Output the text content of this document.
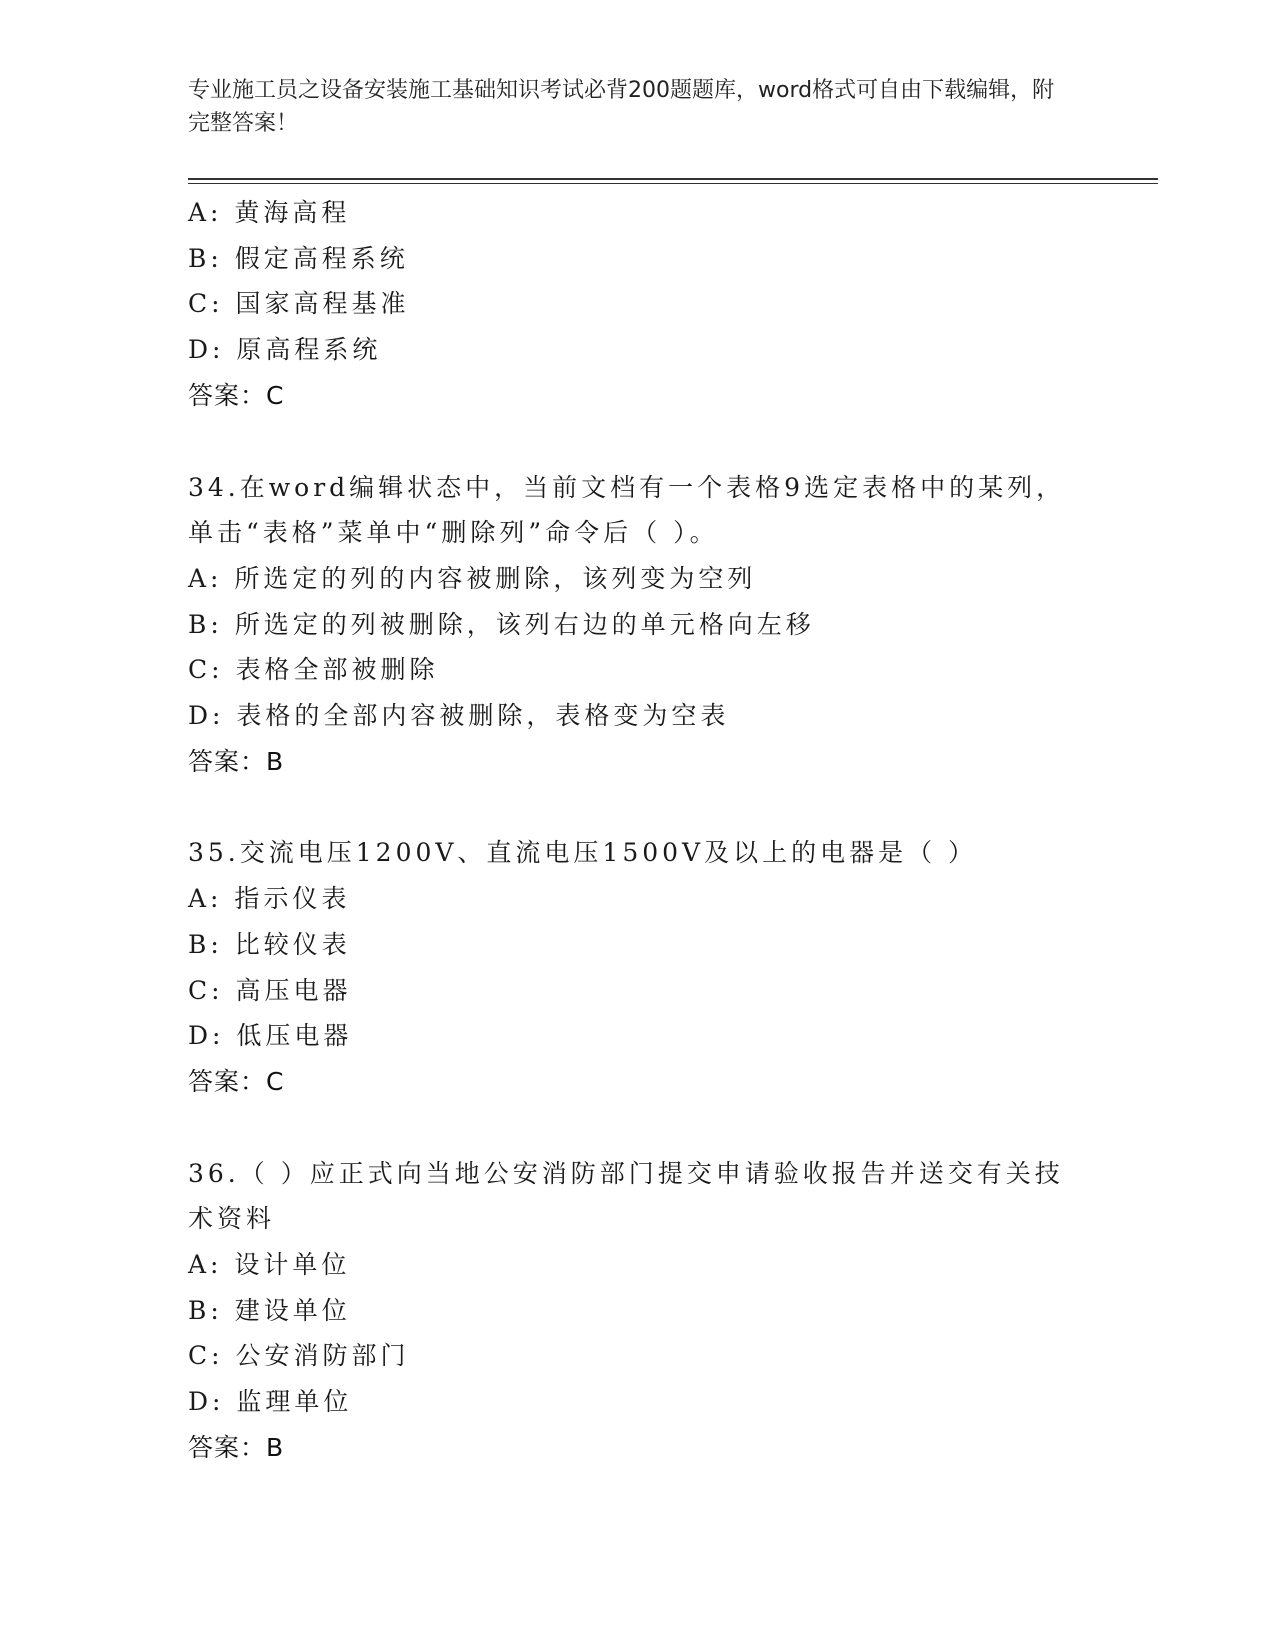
专业施工员之设备安装施工基础知识考试必背200题题库，word格式可自由下载编辑，附完整答案！
A: 黄海高程
B: 假定高程系统
C: 国家高程基准
D: 原高程系统
答案：C
34.在word编辑状态中，当前文档有一个表格9选定表格中的某列，单击“表格”菜单中“删除列”命令后（ ）。
A: 所选定的列的内容被删除，该列变为空列
B: 所选定的列被删除，该列右边的单元格向左移
C: 表格全部被删除
D: 表格的全部内容被删除，表格变为空表
答案：B
35.交流电压1200V、直流电压1500V及以上的电器是（ ）
A: 指示仪表
B: 比较仪表
C: 高压电器
D: 低压电器
答案：C
36.（ ）应正式向当地公安消防部门提交申请验收报告并送交有关技术资料
A: 设计单位
B: 建设单位
C: 公安消防部门
D: 监理单位
答案：B
